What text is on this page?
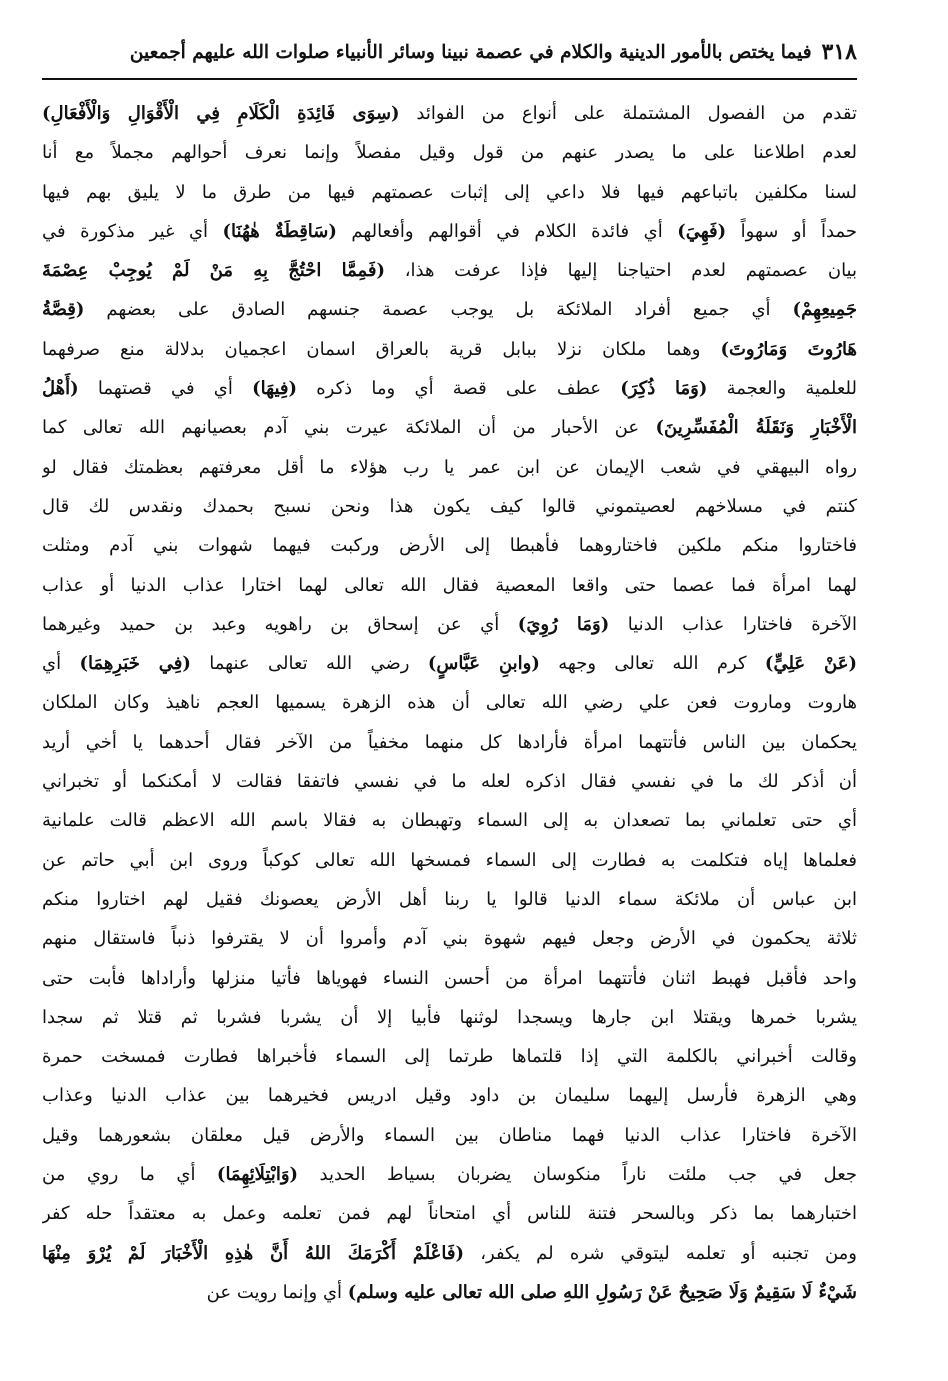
٣١٨
فيما يختص بالأمور الدينية والكلام في عصمة نبينا وسائر الأنبياء صلوات الله عليهم أجمعين
تقدم من الفصول المشتملة على أنواع من الفوائد (سِوَى فَائِدَةِ الْكَلَامِ فِي الْأَقْوَالِ وَالْأَفْعَالِ)
لعدم اطلاعنا على ما يصدر عنهم من قول وقيل مفصلاً وإنما نعرف أحوالهم مجملاً مع أنا
لسنا مكلفين باتباعهم فيها فلا داعي إلى إثبات عصمتهم فيها من طرق ما لا يليق بهم فيها
حمداً أو سهواً (فَهِيَ) أي فائدة الكلام في أقوالهم وأفعالهم (سَاقِطَةٌ هٰهُنَا) أي غير مذكورة في
بيان عصمتهم لعدم احتياجنا إليها فإذا عرفت هذا، (فَمِمَّا احْتُجَّ بِهِ مَنْ لَمْ يُوجِبْ عِصْمَةَ
جَمِيعِهِمْ) أي جميع أفراد الملائكة بل يوجب عصمة جنسهم الصادق على بعضهم (قِصَّةُ
هَارُوتَ وَمَارُوتَ) وهما ملكان نزلا ببابل قرية بالعراق اسمان اعجميان بدلالة منع صرفهما
للعلمية والعجمة (وَمَا ذُكِرَ) عطف على قصة أي وما ذكره (فِيهَا) أي في قصتهما (أَهْلُ
الْأَخْبَارِ وَنَقَلَةُ الْمُفَسِّرِينَ) عن الأحبار من أن الملائكة عيرت بني آدم بعصيانهم الله تعالى كما
رواه البيهقي في شعب الإيمان عن ابن عمر يا رب هؤلاء ما أقل معرفتهم بعظمتك فقال لو
كنتم في مسلاخهم لعصيتموني قالوا كيف يكون هذا ونحن نسبح بحمدك ونقدس لك قال
فاختاروا منكم ملكين فاختاروهما فأهبطا إلى الأرض وركبت فيهما شهوات بني آدم ومثلت
لهما امرأة فما عصما حتى واقعا المعصية فقال الله تعالى لهما اختارا عذاب الدنيا أو عذاب
الآخرة فاختارا عذاب الدنيا (وَمَا رُوِيَ) أي عن إسحاق بن راهويه وعبد بن حميد وغيرهما
(عَنْ عَلِيٍّ) كرم الله تعالى وجهه (وابنِ عَبَّاسٍ) رضي الله تعالى عنهما (فِي خَبَرِهِمَا) أي
هاروت وماروت فعن علي رضي الله تعالى أن هذه الزهرة يسميها العجم ناهيذ وكان الملكان
يحكمان بين الناس فأتتهما امرأة فأرادها كل منهما مخفياً من الآخر فقال أحدهما يا أخي أريد
أن أذكر لك ما في نفسي فقال اذكره لعله ما في نفسي فاتفقا فقالت لا أمكنكما أو تخبراني
أي حتى تعلماني بما تصعدان به إلى السماء وتهبطان به فقالا باسم الله الاعظم قالت علمانية
فعلماها إياه فتكلمت به فطارت إلى السماء فمسخها الله تعالى كوكباً وروى ابن أبي حاتم عن
ابن عباس أن ملائكة سماء الدنيا قالوا يا ربنا أهل الأرض يعصونك فقيل لهم اختاروا منكم
ثلاثة يحكمون في الأرض وجعل فيهم شهوة بني آدم وأمروا أن لا يقترفوا ذنباً فاستقال منهم
واحد فأقبل فهبط اثنان فأتتهما امرأة من أحسن النساء فهوياها فأتيا منزلها وأراداها فأبت حتى
يشربا خمرها ويقتلا ابن جارها ويسجدا لوثنها فأبيا إلا أن يشربا فشربا ثم قتلا ثم سجدا
وقالت أخبراني بالكلمة التي إذا قلتماها طرتما إلى السماء فأخبراها فطارت فمسخت حمرة
وهي الزهرة فأرسل إليهما سليمان بن داود وقيل ادريس فخيرهما بين عذاب الدنيا وعذاب
الآخرة فاختارا عذاب الدنيا فهما مناطان بين السماء والأرض قيل معلقان بشعورهما وقيل
جعل في جب ملئت ناراً منكوسان يضربان بسياط الحديد (وَابْتِلَائِهِمَا) أي ما روي من
اختبارهما بما ذكر وبالسحر فتنة للناس أي امتحاناً لهم فمن تعلمه وعمل به معتقداً حله كفر
ومن تجنبه أو تعلمه ليتوقي شره لم يكفر، (فَاعْلَمْ أَكْرَمَكَ اللهُ أَنَّ هٰذِهِ الْأَخْبَارَ لَمْ يُرْوَ مِنْهَا
شَيْءٌ لَا سَقِيمٌ وَلَا صَحِيحٌ عَنْ رَسُولِ اللهِ صلى الله تعالى عليه وسلم) أي وإنما رويت عن
